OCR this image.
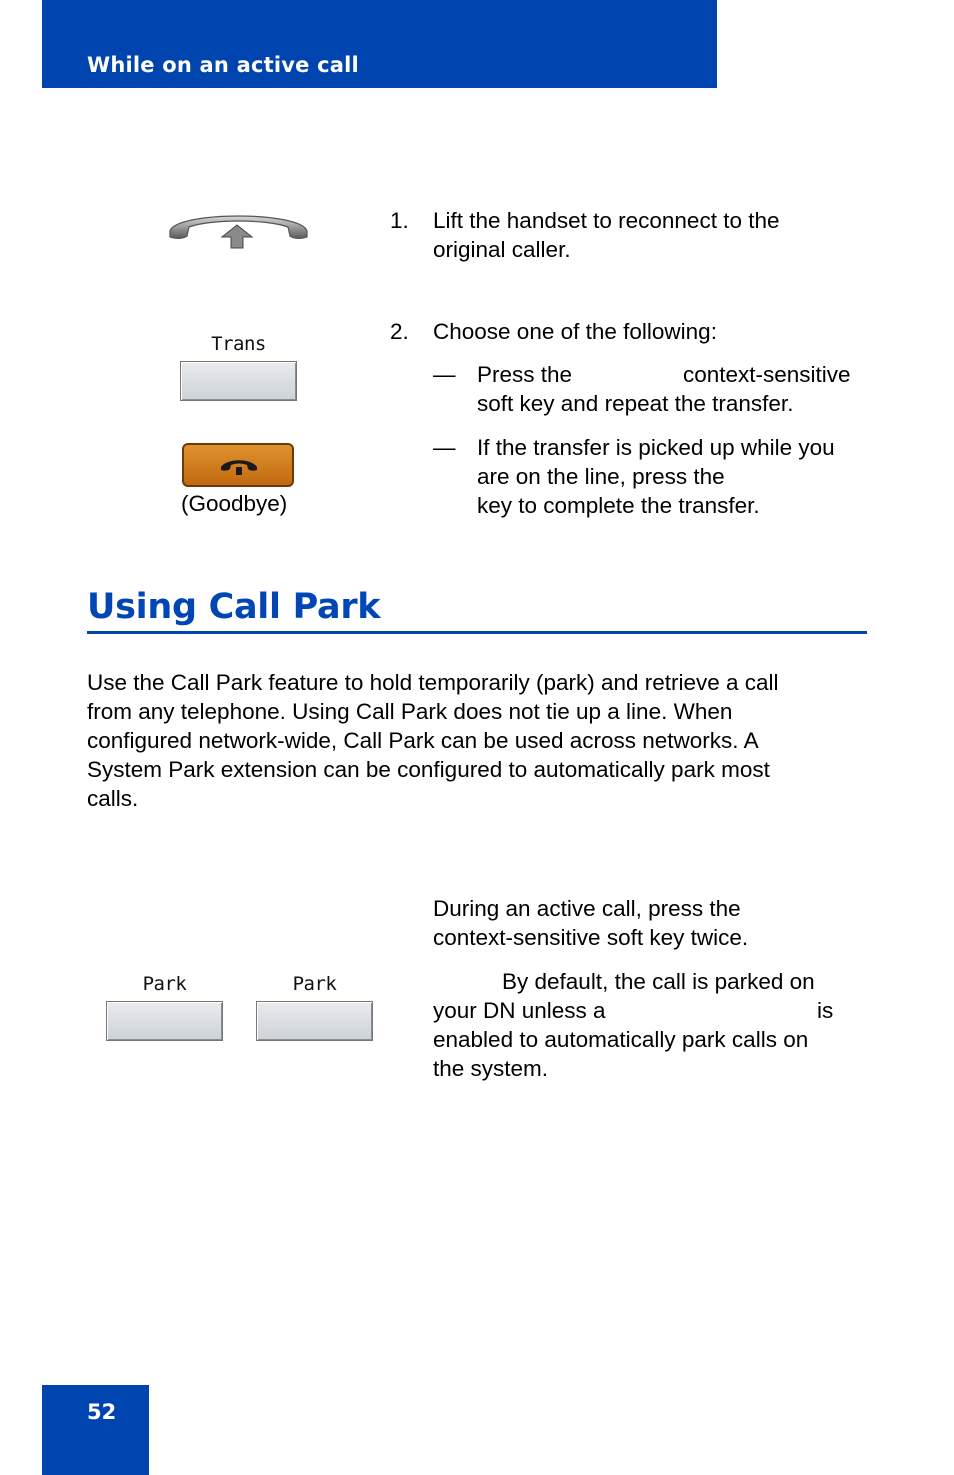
While on an active call
1. Lift the handset to reconnect to the

original caller.

Trans	2. Choose one of the following:

— Press the	context-sensitive

soft key and repeat the transfer.

(Goodbye)
— If the transfer is picked up while you

are on the line, press the

key to complete the transfer.

Using Call Park

Use the Call Park feature to hold temporarily (park) and retrieve a call

from any telephone. Using Call Park does not tie up a line. When

configured network-wide, Call Park can be used across networks. A

System Park extension can be configured to automatically park most

calls.

Park	Park

During an active call, press the

context-sensitive soft key twice.

By default, the call is parked on

your DN unless a	is

enabled to automatically park calls on

the system.

52
